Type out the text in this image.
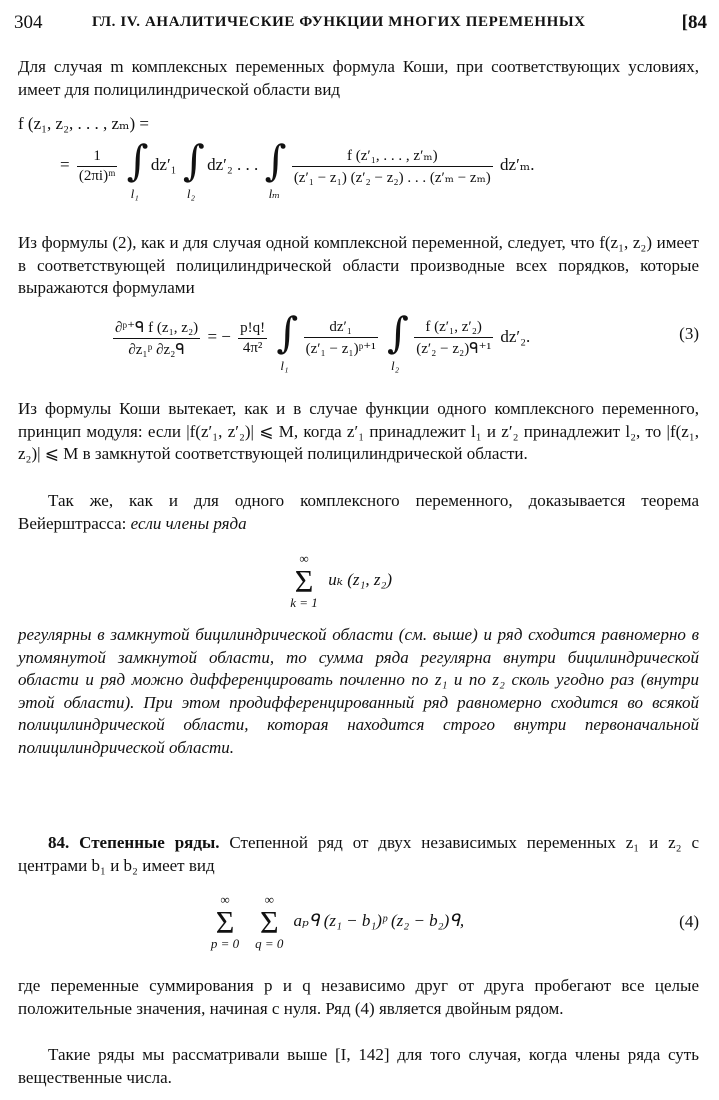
304	ГЛ. IV. АНАЛИТИЧЕСКИЕ ФУНКЦИИ МНОГИХ ПЕРЕМЕННЫХ	[84
Для случая m комплексных переменных формула Коши, при соответствующих условиях, имеет для полицилиндрической области вид
f (z₁, z₂, . . . , zₘ) =
= $\frac{1}{\text{(2πi)ᵐ}}$
∫
l₁
dz′₁ ∫
l₂
dz′₂ . . . ∫
lₘ

$\frac{\text{f (z′₁, . . . , z′ₘ)}}{\text{(z′₁ − z₁) (z′₂ − z₂) . . . (z′ₘ − zₘ)}} dz'_m$.
Из формулы (2), как и для случая одной комплексной переменной, следует, что f(z₁, z₂) имеет в соответствующей полицилиндрической области производные всех порядков, которые выражаются формулами
$\frac{\text{∂ᵖ⁺ᑫ f (z₁, z₂)}}{\text{∂z₁ᵖ ∂z₂ᑫ}}$ = − $\frac{p!q!}{\text{4π²}}$
∫
l₁

$\frac{\text{dz′₁}}{\text{(z′₁ − z₁)ᵖ⁺¹}}$
∫
l₂

$\frac{\text{f (z′₁, z′₂)}}{\text{(z′₂ − z₂)ᑫ⁺¹}} dz'_2$.	(3)
Из формулы Коши вытекает, как и в случае функции одного комплексного переменного, принцип модуля: если |f(z′₁, z′₂)| ⩽ M, когда z′₁ принадлежит l₁ и z′₂ принадлежит l₂, то |f(z₁, z₂)| ⩽ M в замкнутой соответствующей полицилиндрической области.
Так же, как и для одного комплексного переменного, доказывается теорема Вейерштрасса: если члены ряда
∞
Σ
k = 1
uₖ (z₁, z₂)
регулярны в замкнутой бицилиндрической области (см. выше) и ряд сходится равномерно в упомянутой замкнутой области, то сумма ряда регулярна внутри бицилиндрической области и ряд можно дифференцировать почленно по z₁ и по z₂ сколь угодно раз (внутри этой области). При этом продифференцированный ряд равномерно сходится во всякой полицилиндрической области, которая находится строго внутри первоначальной полицилиндрической области.
84. Степенные ряды. Степенной ряд от двух независимых переменных z₁ и z₂ с центрами b₁ и b₂ имеет вид
∞
Σ
p = 0

∞
Σ
q = 0
aₚᑫ (z₁ − b₁)ᵖ (z₂ − b₂)ᑫ,	(4)
где переменные суммирования p и q независимо друг от друга пробегают все целые положительные значения, начиная с нуля. Ряд (4) является двойным рядом.
Такие ряды мы рассматривали выше [I, 142] для того случая, когда члены ряда суть вещественные числа.
